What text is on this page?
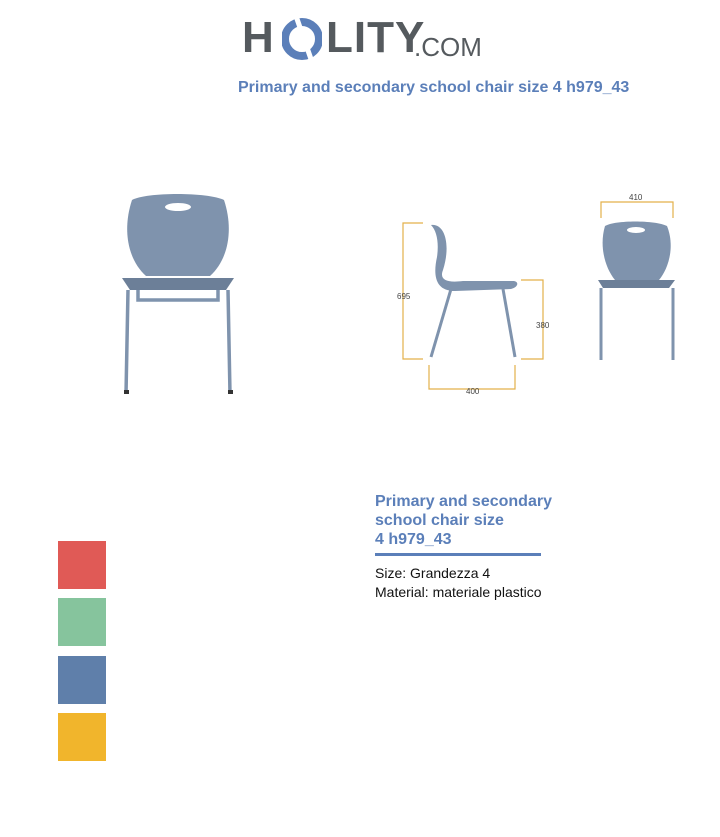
H LITY
.COM
Primary and secondary school chair size 4 h979_43
695
380
400
410
Primary and secondary
school chair size
4 h979_43
Size: Grandezza 4
Material: materiale plastico
